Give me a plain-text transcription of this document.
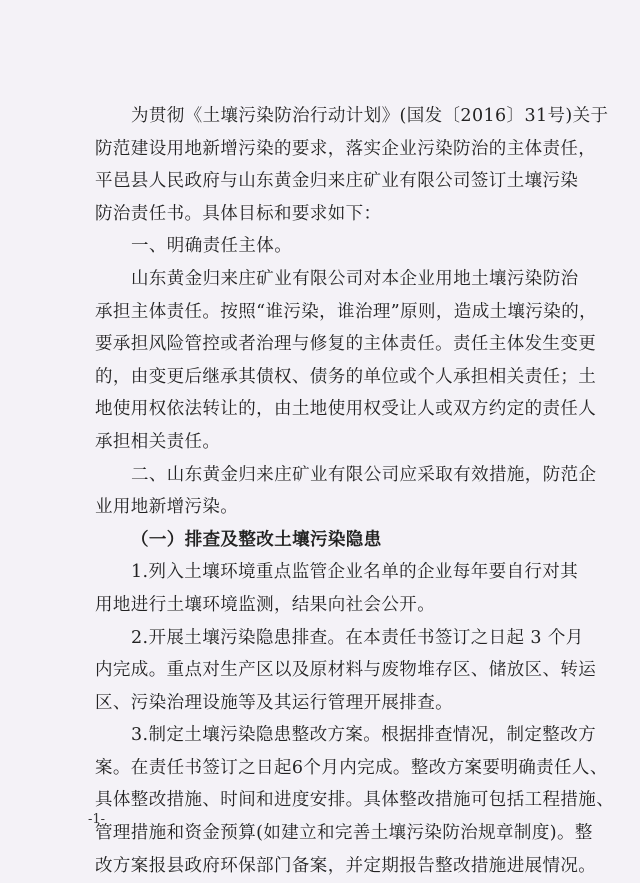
为贯彻《土壤污染防治行动计划》(国发〔2016〕31号)关于
防范建设用地新增污染的要求，落实企业污染防治的主体责任，
平邑县人民政府与山东黄金归来庄矿业有限公司签订土壤污染
防治责任书。具体目标和要求如下：
一、明确责任主体。
山东黄金归来庄矿业有限公司对本企业用地土壤污染防治
承担主体责任。按照“谁污染，谁治理”原则，造成土壤污染的，
要承担风险管控或者治理与修复的主体责任。责任主体发生变更
的，由变更后继承其债权、债务的单位或个人承担相关责任；土
地使用权依法转让的，由土地使用权受让人或双方约定的责任人
承担相关责任。
二、山东黄金归来庄矿业有限公司应采取有效措施，防范企
业用地新增污染。
（一）排查及整改土壤污染隐患
1.列入土壤环境重点监管企业名单的企业每年要自行对其
用地进行土壤环境监测，结果向社会公开。
2.开展土壤污染隐患排查。在本责任书签订之日起 3 个月
内完成。重点对生产区以及原材料与废物堆存区、储放区、转运
区、污染治理设施等及其运行管理开展排查。
3.制定土壤污染隐患整改方案。根据排查情况，制定整改方
案。在责任书签订之日起6个月内完成。整改方案要明确责任人、
具体整改措施、时间和进度安排。具体整改措施可包括工程措施、
管理措施和资金预算(如建立和完善土壤污染防治规章制度)。整
改方案报县政府环保部门备案，并定期报告整改措施进展情况。
-1-
